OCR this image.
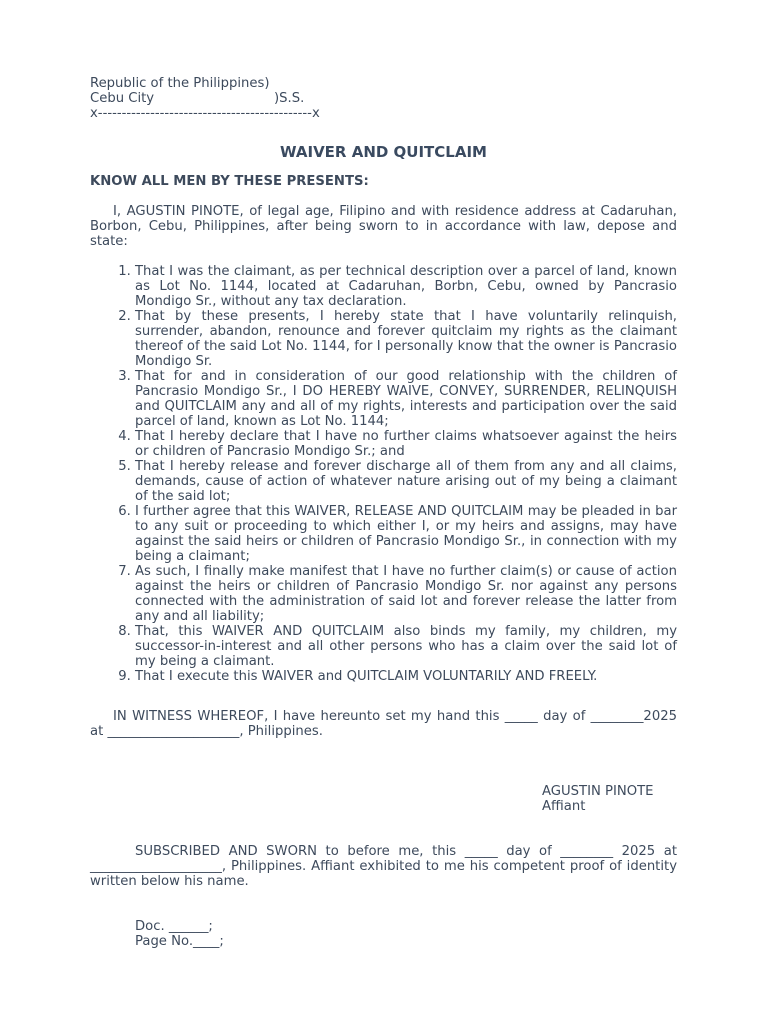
Republic of the Philippines)
Cebu City	)S.S.
x---------------------------------------------x
WAIVER AND QUITCLAIM
KNOW ALL MEN BY THESE PRESENTS:

I, AGUSTIN PINOTE, of legal age, Filipino and with residence address at Cadaruhan, Borbon, Cebu, Philippines, after being sworn to in accordance with law, depose and state:

1. That I was the claimant, as per technical description over a parcel of land, known as Lot No. 1144, located at Cadaruhan, Borbn, Cebu, owned by Pancrasio Mondigo Sr., without any tax declaration.
2. That by these presents, I hereby state that I have voluntarily relinquish, surrender, abandon, renounce and forever quitclaim my rights as the claimant thereof of the said Lot No. 1144, for I personally know that the owner is Pancrasio Mondigo Sr.
3. That for and in consideration of our good relationship with the children of Pancrasio Mondigo Sr., I DO HEREBY WAIVE, CONVEY, SURRENDER, RELINQUISH and QUITCLAIM any and all of my rights, interests and participation over the said parcel of land, known as Lot No. 1144;
4. That I hereby declare that I have no further claims whatsoever against the heirs or children of Pancrasio Mondigo Sr.; and
5. That I hereby release and forever discharge all of them from any and all claims, demands, cause of action of whatever nature arising out of my being a claimant of the said lot;
6. I further agree that this WAIVER, RELEASE AND QUITCLAIM may be pleaded in bar to any suit or proceeding to which either I, or my heirs and assigns, may have against the said heirs or children of Pancrasio Mondigo Sr., in connection with my being a claimant;
7. As such, I finally make manifest that I have no further claim(s) or cause of action against the heirs or children of Pancrasio Mondigo Sr. nor against any persons connected with the administration of said lot and forever release the latter from any and all liability;
8. That, this WAIVER AND QUITCLAIM also binds my family, my children, my successor-in-interest and all other persons who has a claim over the said lot of my being a claimant.
9. That I execute this WAIVER and QUITCLAIM VOLUNTARILY AND FREELY.

IN WITNESS WHEREOF, I have hereunto set my hand this _____ day of ________2025 at ____________________, Philippines.

AGUSTIN PINOTE
Affiant

SUBSCRIBED AND SWORN to before me, this _____ day of ________ 2025 at ____________________, Philippines. Affiant exhibited to me his competent proof of identity written below his name.

Doc. ______;
Page No.____;
